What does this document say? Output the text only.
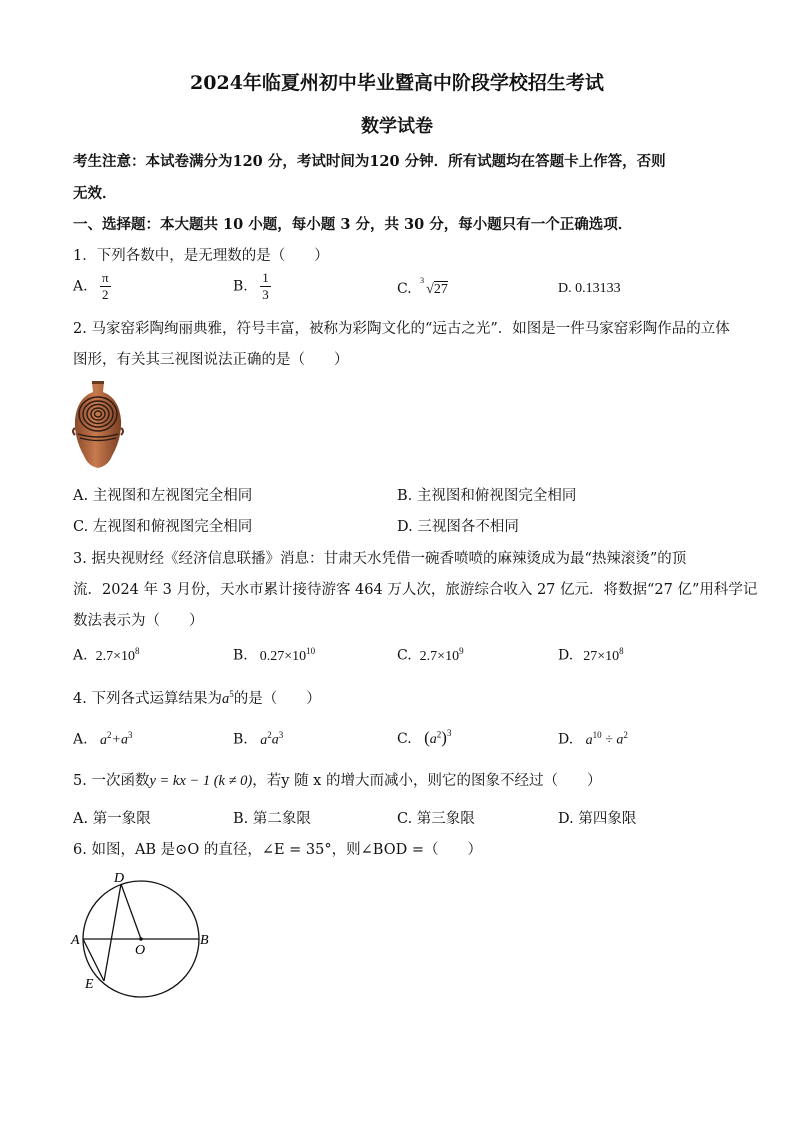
2024年临夏州初中毕业暨高中阶段学校招生考试
数学试卷
考生注意：本试卷满分为120 分，考试时间为120 分钟．所有试题均在答题卡上作答，否则
无效．
一、选择题：本大题共 10 小题，每小题 3 分，共 30 分，每小题只有一个正确选项．
1．下列各数中，是无理数的是（　　）
A. $\frac{\pi}{2}$	B. $\frac{1}{3}$	C.
3
√27	D. 0.13133
2. 马家窑彩陶绚丽典雅，符号丰富，被称为彩陶文化的“远古之光”．如图是一件马家窑彩陶作品的立体
图形，有关其三视图说法正确的是（　　）
A. 主视图和左视图完全相同	B. 主视图和俯视图完全相同
C. 左视图和俯视图完全相同	D. 三视图各不相同
3. 据央视财经《经济信息联播》消息：甘肃天水凭借一碗香喷喷的麻辣烫成为最“热辣滚烫”的顶
流．2024 年 3 月份，天水市累计接待游客 464 万人次，旅游综合收入 27 亿元．将数据“27 亿”用科学记
数法表示为（　　）
A. $2.7\times 10^8$	B. $0.27\times 10^{10}$	C. $2.7\times 10^9$	D. $27\times 10^8$
4. 下列各式运算结果为$a^5$的是（　　）
A. $a^2+a^3$	B. $a^2a^3$	C. $(a^2)^3$	D. $a^{10} \div a^2$
5. 一次函数y = kx − 1 (k ≠ 0)，若y 随 x 的增大而减小，则它的图象不经过（　　）
A. 第一象限	B. 第二象限	C. 第三象限	D. 第四象限
6. 如图，AB 是⊙O 的直径，∠E = 35°，则∠BOD =（　　）
A	B
D
E
O
